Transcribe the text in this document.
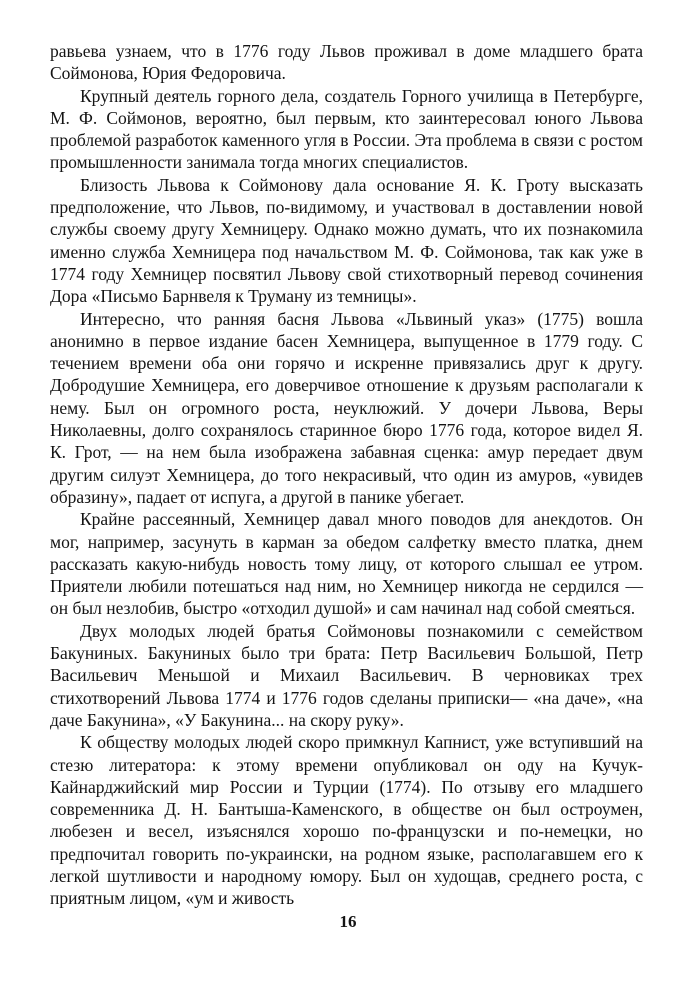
равьева узнаем, что в 1776 году Львов проживал в доме младшего брата Соймонова, Юрия Федоровича.

Крупный деятель горного дела, создатель Горного училища в Петербурге, М. Ф. Соймонов, вероятно, был первым, кто заинтересовал юного Львова проблемой разработок каменного угля в России. Эта проблема в связи с ростом промышленности занимала тогда многих специалистов.

Близость Львова к Соймонову дала основание Я. К. Гроту высказать предположение, что Львов, по-видимому, и участвовал в доставлении новой службы своему другу Хемницеру. Однако можно думать, что их познакомила именно служба Хемницера под начальством М. Ф. Соймонова, так как уже в 1774 году Хемницер посвятил Львову свой стихотворный перевод сочинения Дора «Письмо Барнвеля к Труману из темницы».

Интересно, что ранняя басня Львова «Львиный указ» (1775) вошла анонимно в первое издание басен Хемницера, выпущенное в 1779 году. С течением времени оба они горячо и искренне привязались друг к другу. Добродушие Хемницера, его доверчивое отношение к друзьям располагали к нему. Был он огромного роста, неуклюжий. У дочери Львова, Веры Николаевны, долго сохранялось старинное бюро 1776 года, которое видел Я. К. Грот, — на нем была изображена забавная сценка: амур передает двум другим силуэт Хемницера, до того некрасивый, что один из амуров, «увидев образину», падает от испуга, а другой в панике убегает.

Крайне рассеянный, Хемницер давал много поводов для анекдотов. Он мог, например, засунуть в карман за обедом салфетку вместо платка, днем рассказать какую-нибудь новость тому лицу, от которого слышал ее утром. Приятели любили потешаться над ним, но Хемницер никогда не сердился — он был незлобив, быстро «отходил душой» и сам начинал над собой смеяться.

Двух молодых людей братья Соймоновы познакомили с семейством Бакуниных. Бакуниных было три брата: Петр Васильевич Большой, Петр Васильевич Меньшой и Михаил Васильевич. В черновиках трех стихотворений Львова 1774 и 1776 годов сделаны приписки— «на даче», «на даче Бакунина», «У Бакунина... на скору руку».

К обществу молодых людей скоро примкнул Капнист, уже вступивший на стезю литератора: к этому времени опубликовал он оду на Кучук-Кайнарджийский мир России и Турции (1774). По отзыву его младшего современника Д. Н. Бантыша-Каменского, в обществе он был остроумен, любезен и весел, изъяснялся хорошо по-французски и по-немецки, но предпочитал говорить по-украински, на родном языке, располагавшем его к легкой шутливости и народному юмору. Был он худощав, среднего роста, с приятным лицом, «ум и живость

16
